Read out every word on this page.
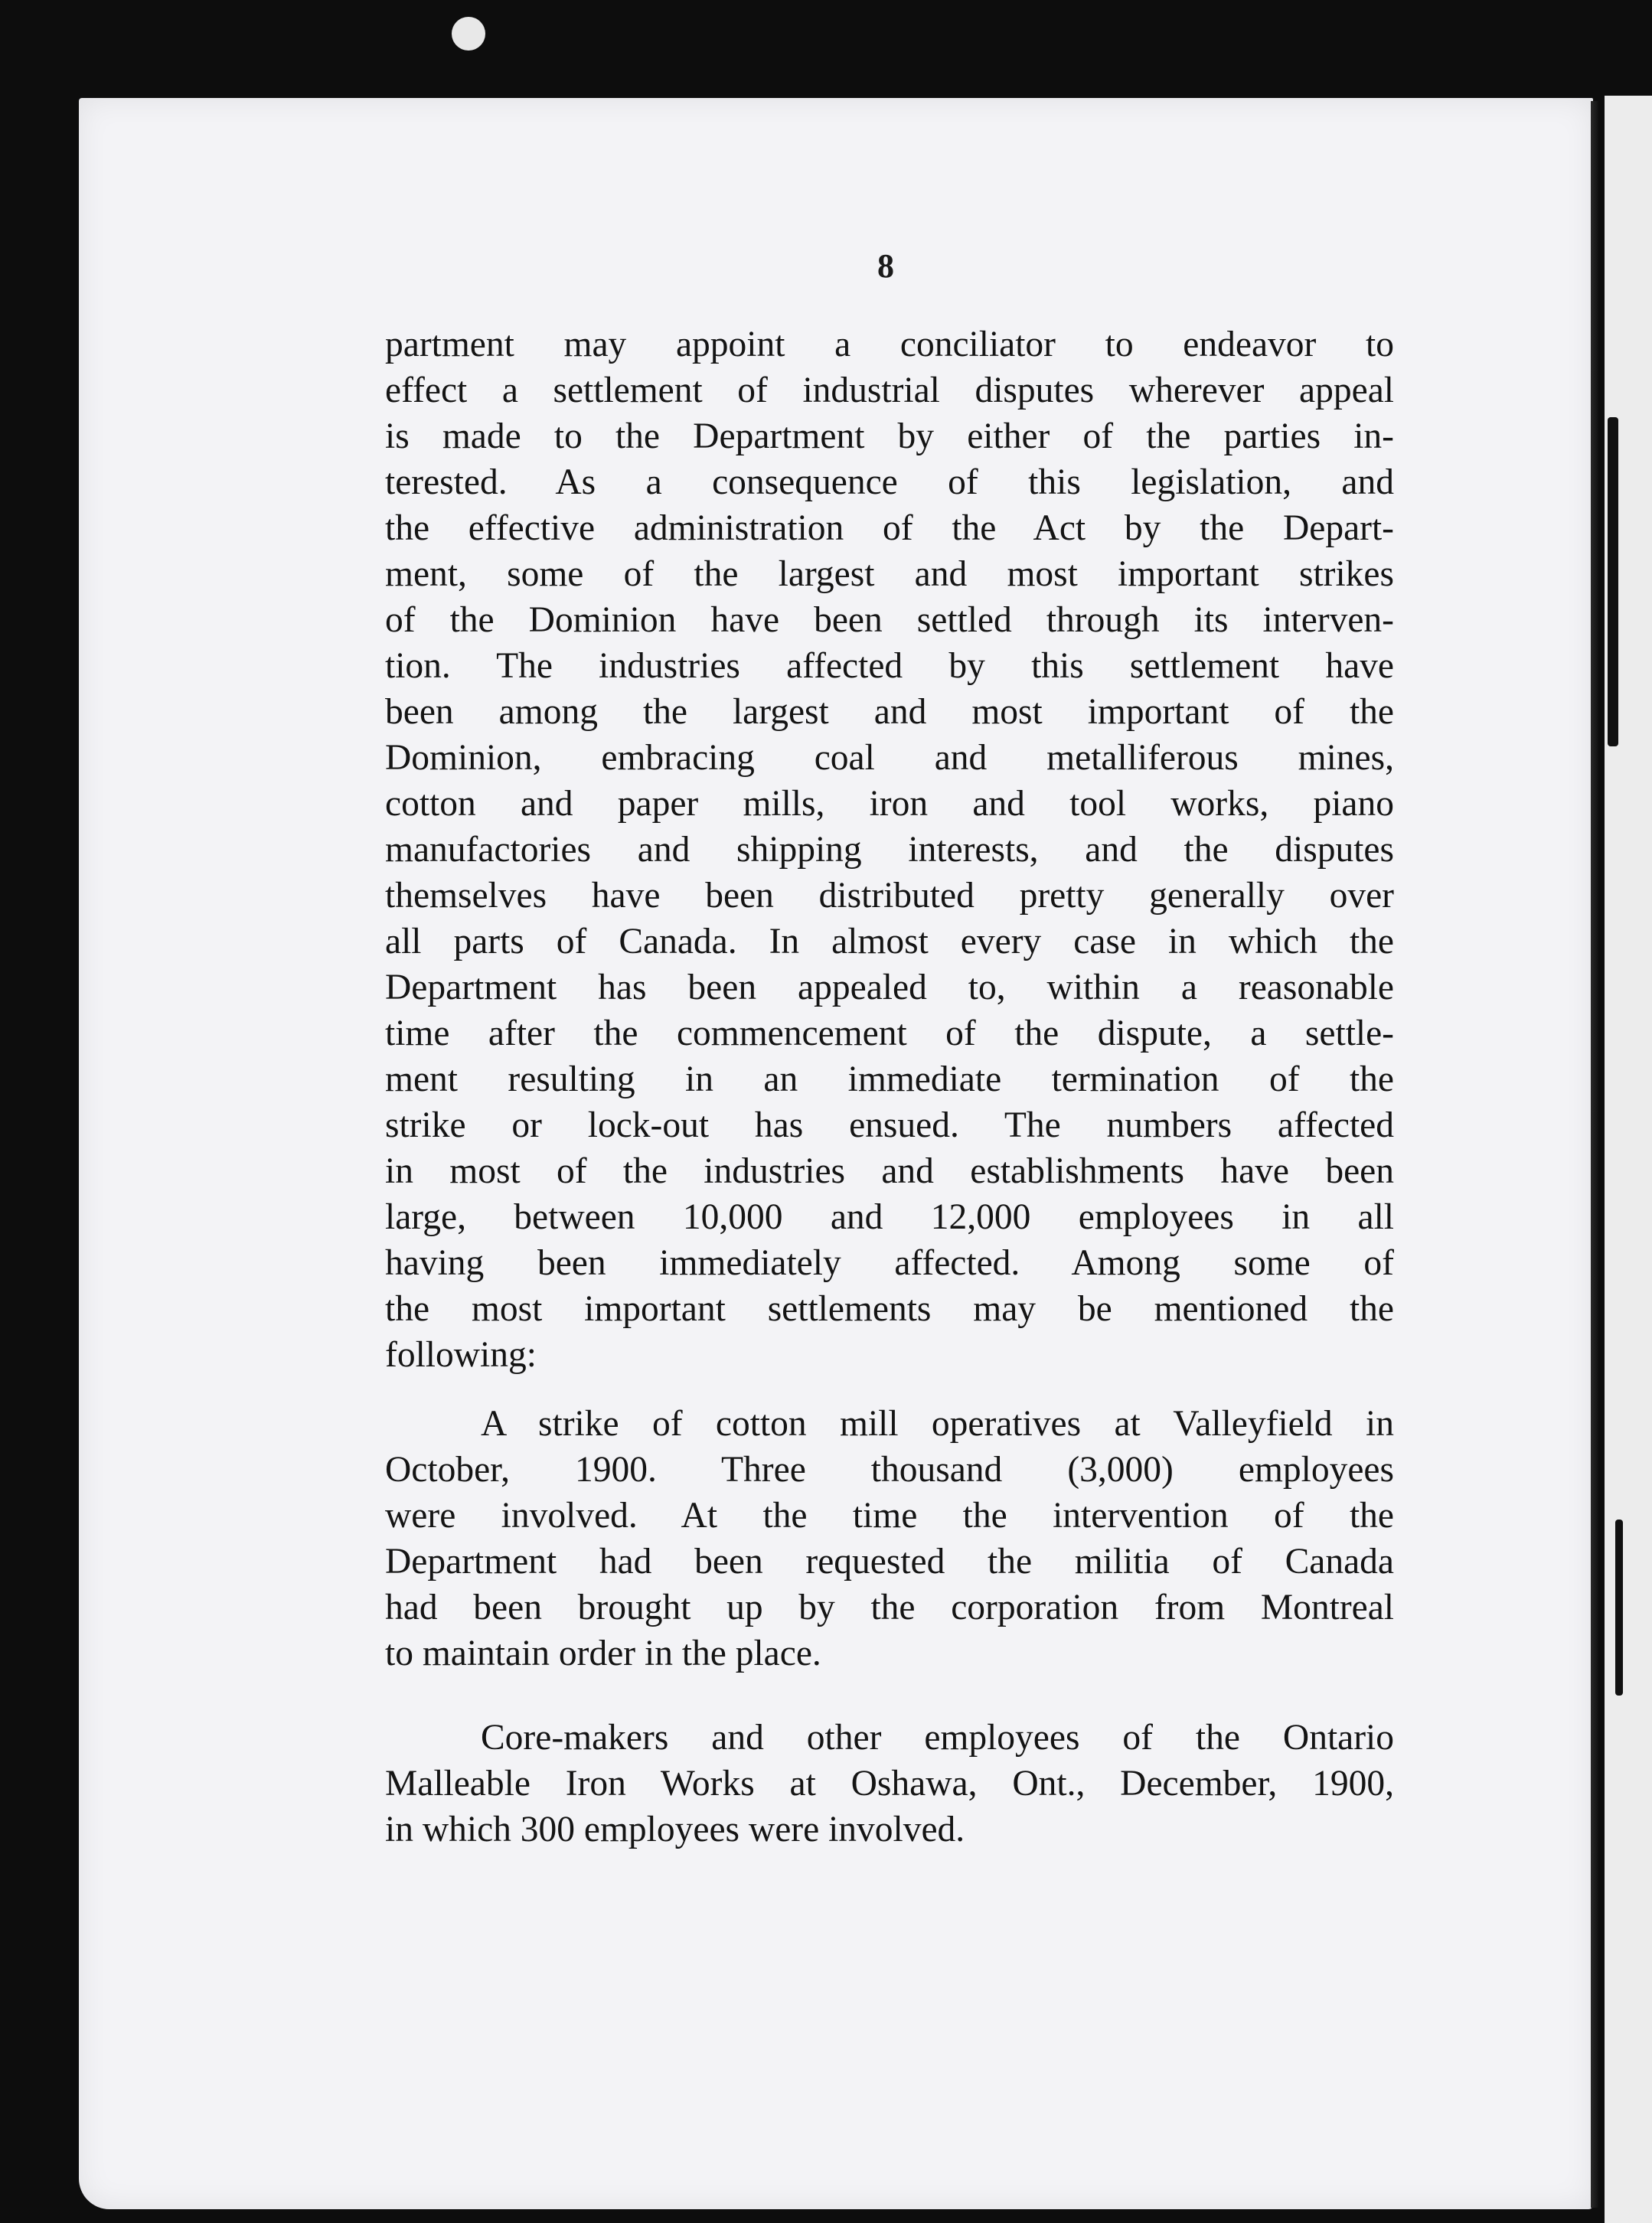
8
partment may appoint a conciliator to endeavor to
effect a settlement of industrial disputes wherever appeal
is made to the Department by either of the parties in-
terested. As a consequence of this legislation, and
the effective administration of the Act by the Depart-
ment, some of the largest and most important strikes
of the Dominion have been settled through its interven-
tion. The industries affected by this settlement have
been among the largest and most important of the
Dominion, embracing coal and metalliferous mines,
cotton and paper mills, iron and tool works, piano
manufactories and shipping interests, and the disputes
themselves have been distributed pretty generally over
all parts of Canada. In almost every case in which the
Department has been appealed to, within a reasonable
time after the commencement of the dispute, a settle-
ment resulting in an immediate termination of the
strike or lock-out has ensued. The numbers affected
in most of the industries and establishments have been
large, between 10,000 and 12,000 employees in all
having been immediately affected. Among some of
the most important settlements may be mentioned the
following:
A strike of cotton mill operatives at Valleyfield in
October, 1900. Three thousand (3,000) employees
were involved. At the time the intervention of the
Department had been requested the militia of Canada
had been brought up by the corporation from Montreal
to maintain order in the place.
Core-makers and other employees of the Ontario
Malleable Iron Works at Oshawa, Ont., December, 1900,
in which 300 employees were involved.
